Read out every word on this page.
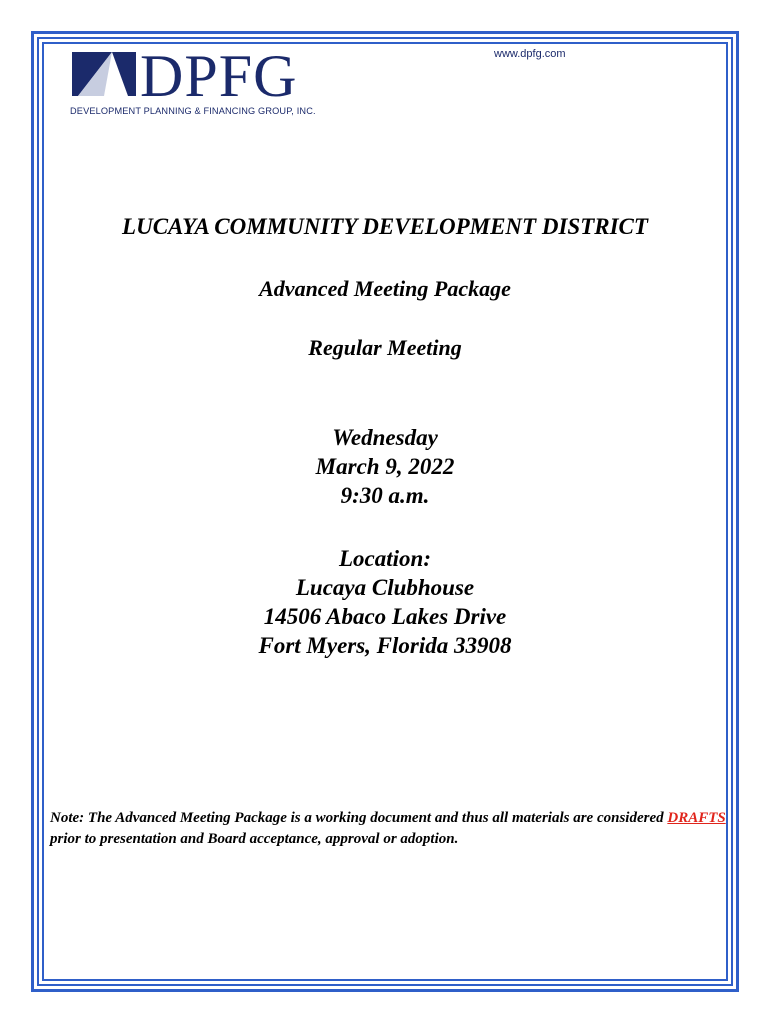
DPFG
DEVELOPMENT PLANNING & FINANCING GROUP, INC.
www.dpfg.com
LUCAYA COMMUNITY DEVELOPMENT DISTRICT
Advanced Meeting Package
Regular Meeting
Wednesday
March 9, 2022
9:30 a.m.
Location:
Lucaya Clubhouse
14506 Abaco Lakes Drive
Fort Myers, Florida 33908
Note: The Advanced Meeting Package is a working document and thus all materials are considered DRAFTS prior to presentation and Board acceptance, approval or adoption.
